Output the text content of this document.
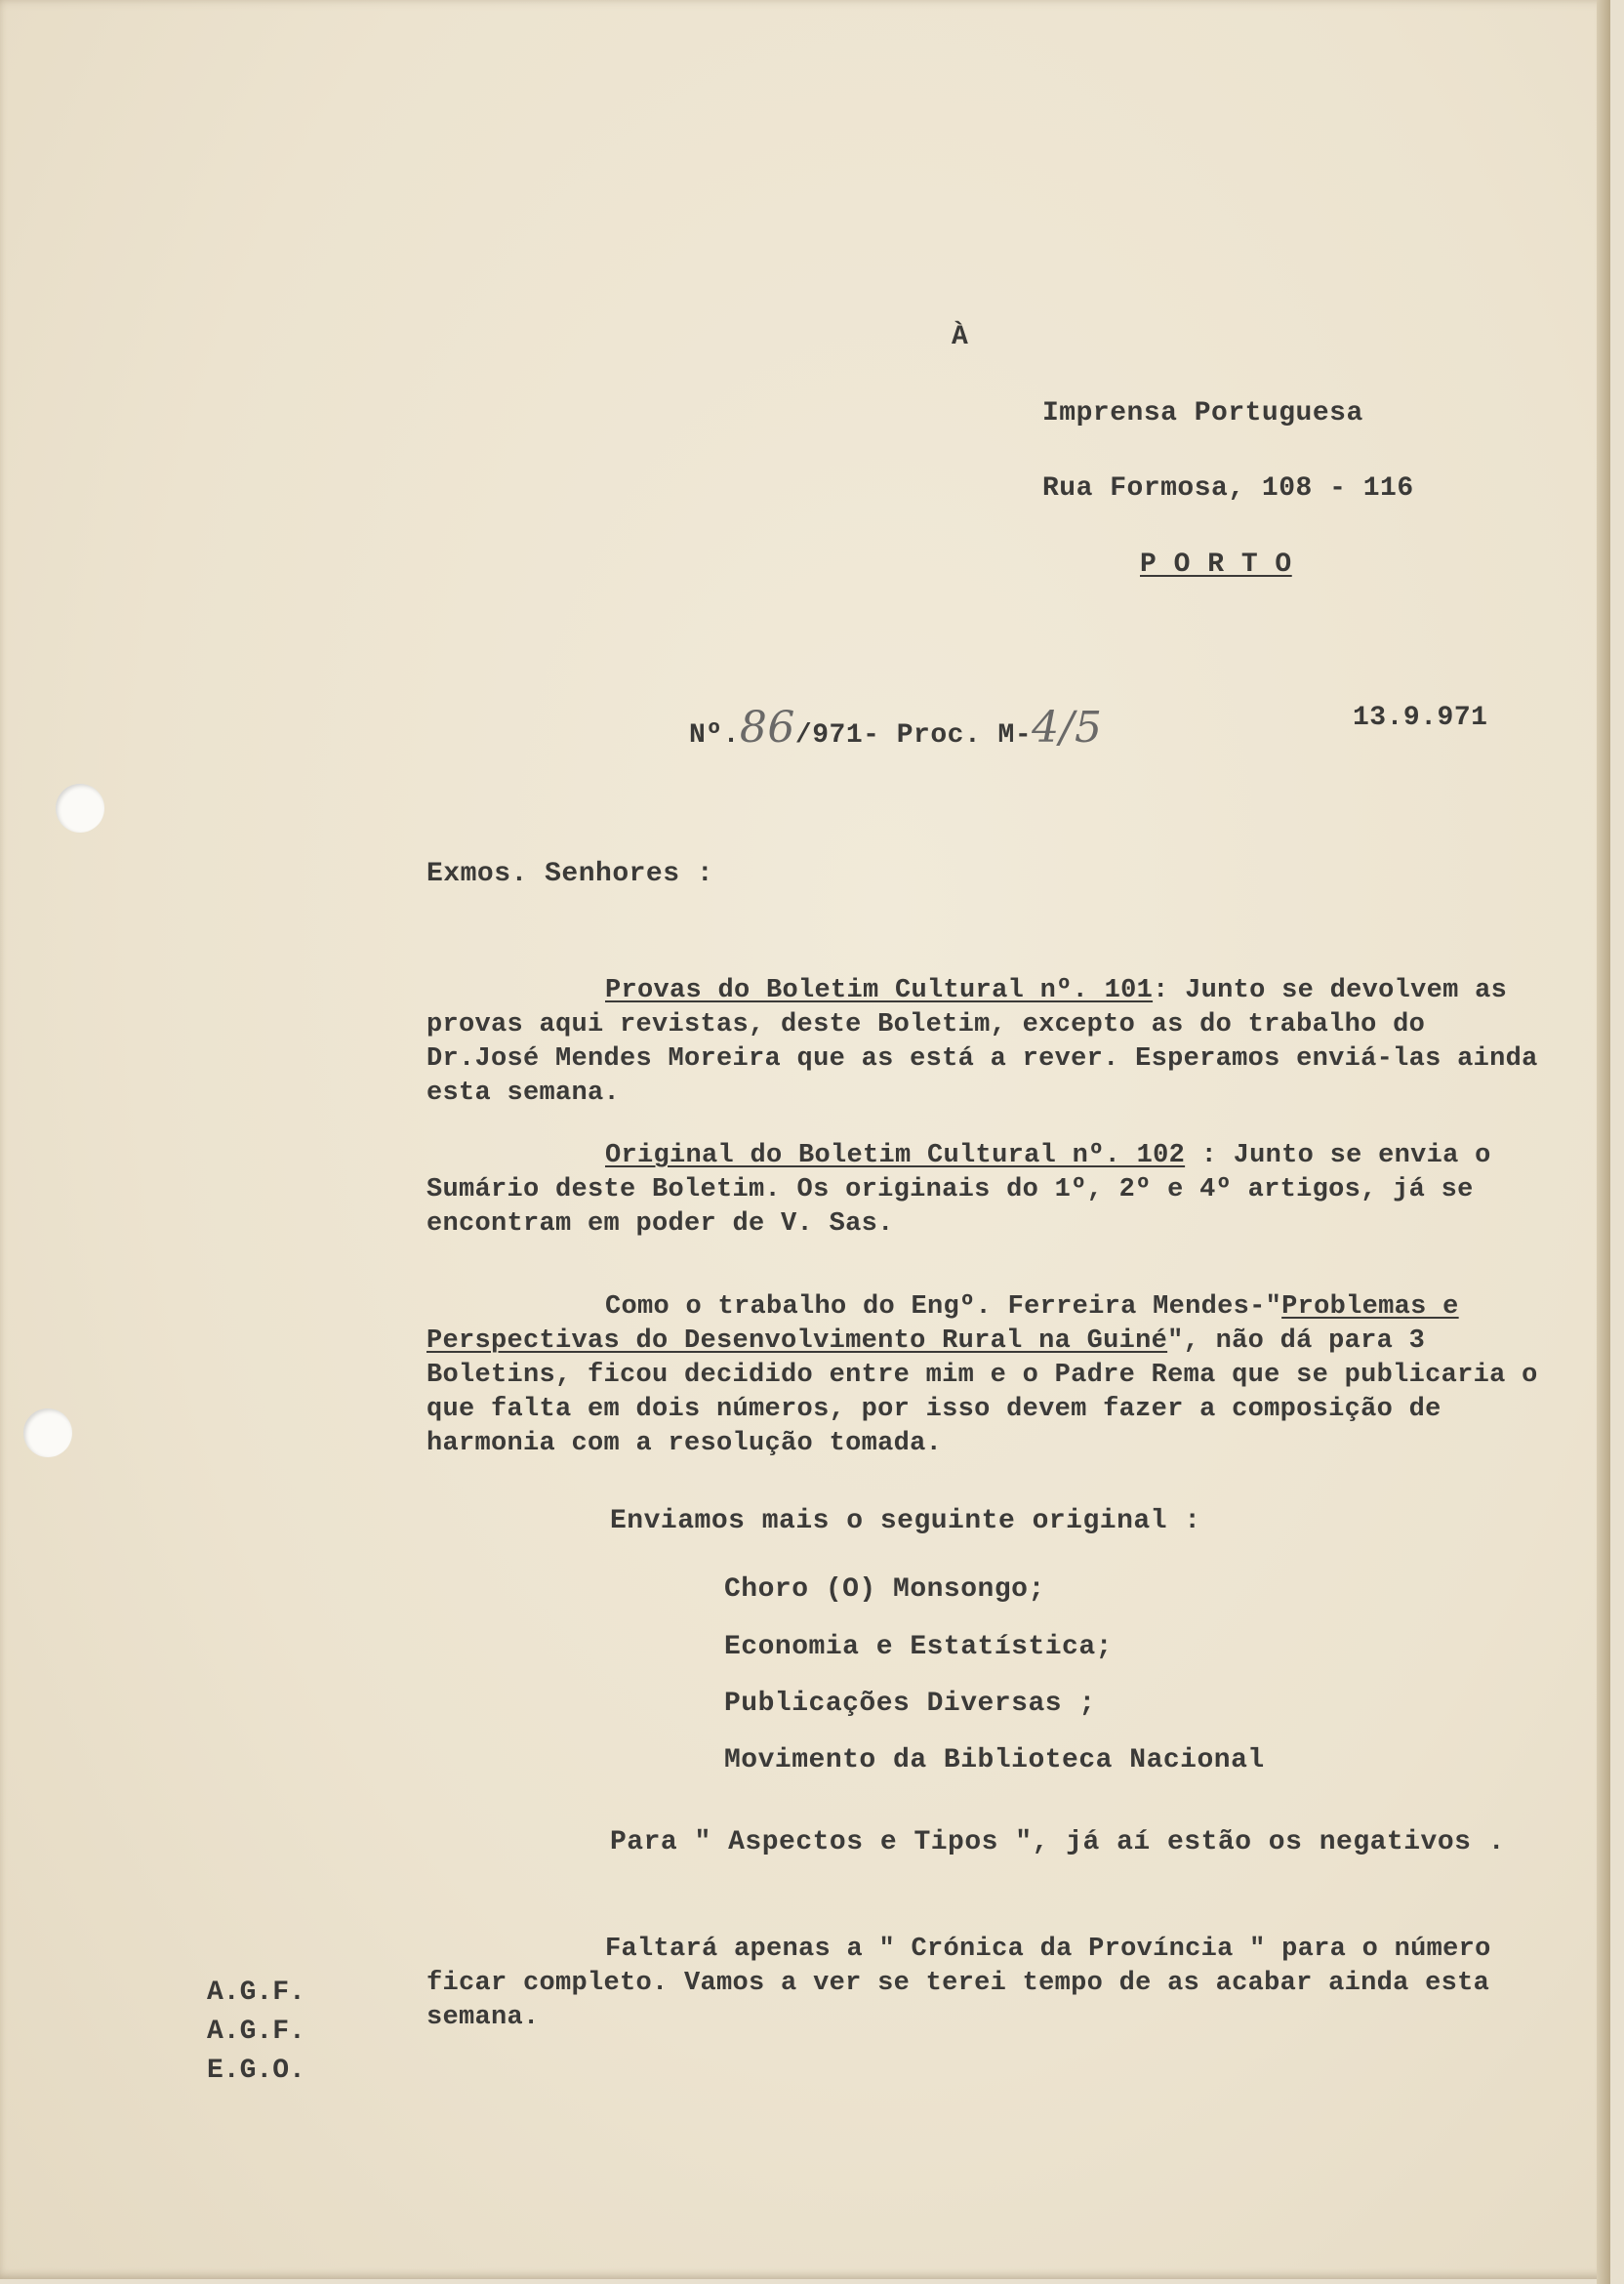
À
Imprensa Portuguesa
Rua Formosa, 108 - 116
P O R T O
Nº.86/971- Proc. M-4/5	13.9.971
Exmos. Senhores :
Provas do Boletim Cultural nº. 101: Junto se devolvem as provas aqui revistas, deste Boletim, excepto as do trabalho do Dr.José Mendes Moreira que as está a rever. Esperamos enviá-las ainda esta semana.
Original do Boletim Cultural nº. 102 : Junto se envia o Sumário deste Boletim. Os originais do 1º, 2º e 4º artigos, já se encontram em poder de V. Sas.
Como o trabalho do Engº. Ferreira Mendes-"Problemas e Perspectivas do Desenvolvimento Rural na Guiné", não dá para 3 Boletins, ficou decidido entre mim e o Padre Rema que se publicaria o que falta em dois números, por isso devem fazer a composição de harmonia com a resolução tomada.
Enviamos mais o seguinte original :
Choro (O) Monsongo;
Economia e Estatística;
Publicações Diversas ;
Movimento da Biblioteca Nacional
Para " Aspectos e Tipos ", já aí estão os negativos .
Faltará apenas a " Crónica da Província " para o número ficar completo. Vamos a ver se terei tempo de as acabar ainda esta semana.
A.G.F.
A.G.F.
E.G.O.
